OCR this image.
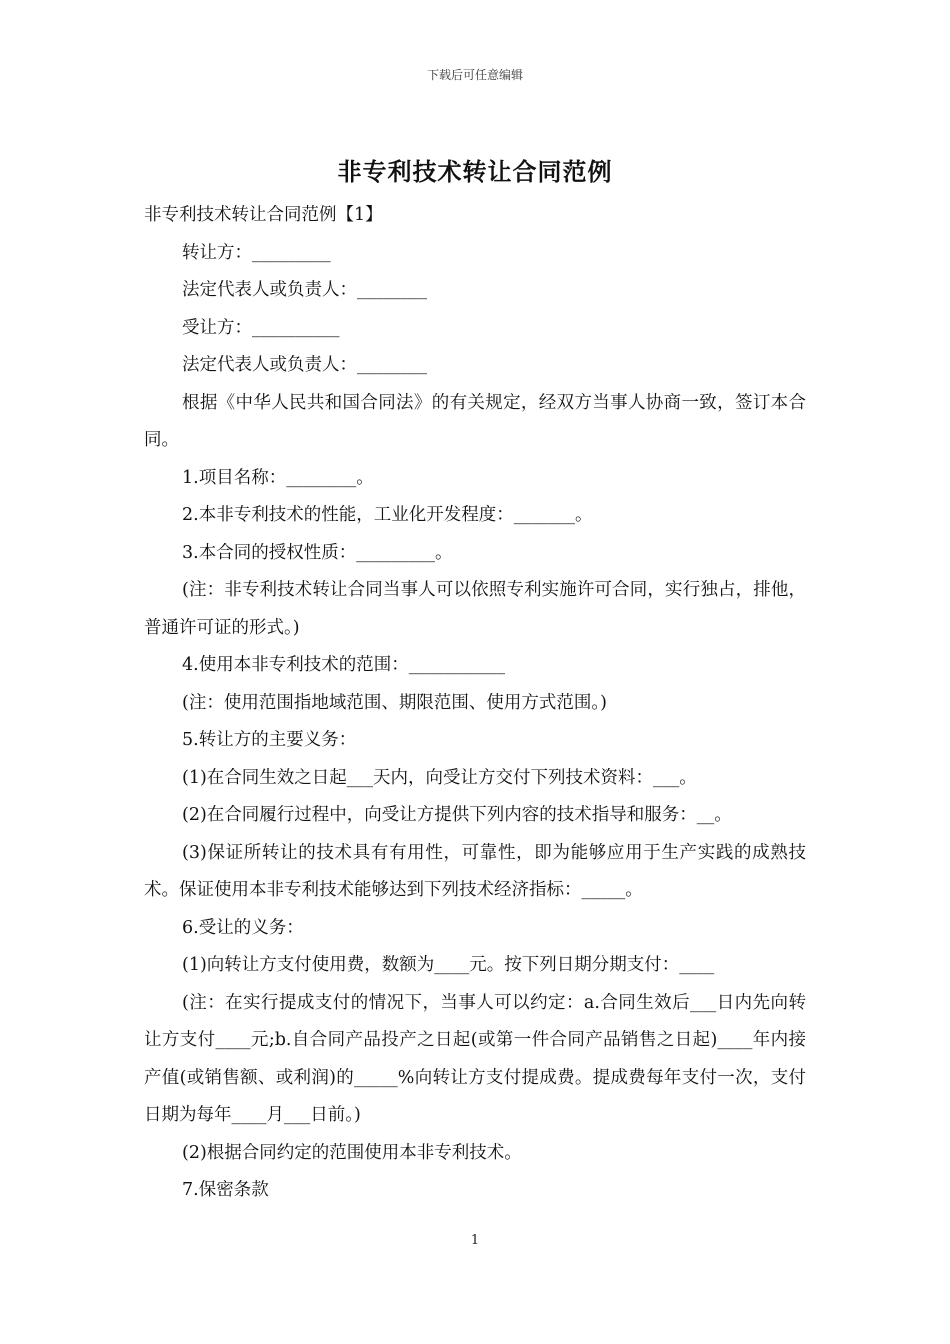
下载后可任意编辑
非专利技术转让合同范例

非专利技术转让合同范例【1】

转让方：_________

法定代表人或负责人：________

受让方：__________

法定代表人或负责人：________

根据《中华人民共和国合同法》的有关规定，经双方当事人协商一致，签订本合同。

1.项目名称：________。

2.本非专利技术的性能，工业化开发程度：_______。

3.本合同的授权性质：_________。

(注：非专利技术转让合同当事人可以依照专利实施许可合同，实行独占，排他，普通许可证的形式。)

4.使用本非专利技术的范围：___________

(注：使用范围指地域范围、期限范围、使用方式范围。)

5.转让方的主要义务：

(1)在合同生效之日起___天内，向受让方交付下列技术资料：___。

(2)在合同履行过程中，向受让方提供下列内容的技术指导和服务：__。

(3)保证所转让的技术具有有用性，可靠性，即为能够应用于生产实践的成熟技术。保证使用本非专利技术能够达到下列技术经济指标：_____。

6.受让的义务：

(1)向转让方支付使用费，数额为____元。按下列日期分期支付：____

(注：在实行提成支付的情况下，当事人可以约定：a.合同生效后___日内先向转让方支付____元;b.自合同产品投产之日起(或第一件合同产品销售之日起)____年内接产值(或销售额、或利润)的_____%向转让方支付提成费。提成费每年支付一次，支付日期为每年____月___日前。)

(2)根据合同约定的范围使用本非专利技术。

7.保密条款

1
